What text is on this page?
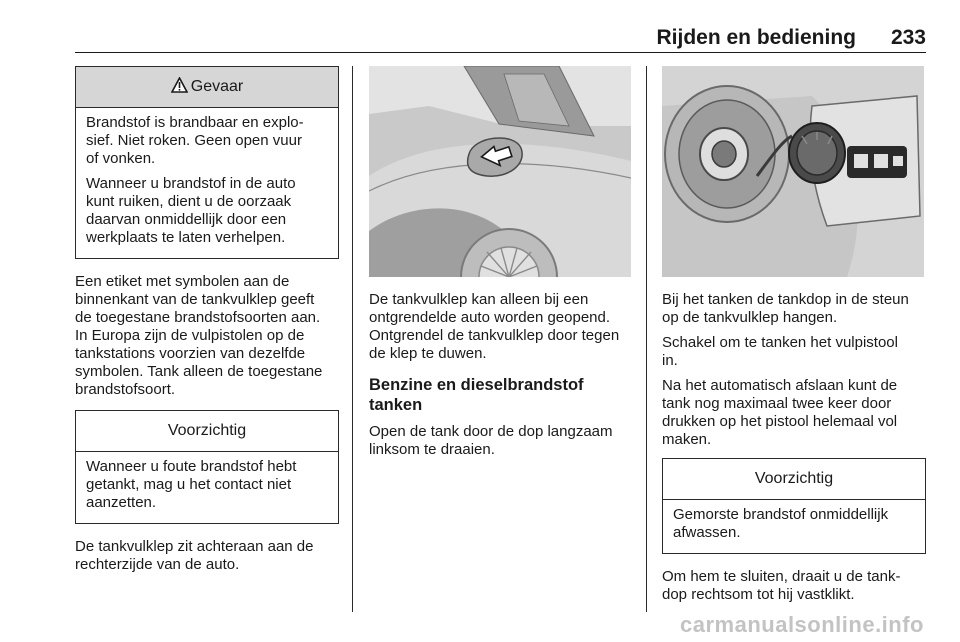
Rijden en bediening 233
Gevaar

Brandstof is brandbaar en explo-
sief. Niet roken. Geen open vuur
of vonken.

Wanneer u brandstof in de auto
kunt ruiken, dient u de oorzaak
daarvan onmiddellijk door een
werkplaats te laten verhelpen.

Een etiket met symbolen aan de
binnenkant van de tankvulklep geeft
de toegestane brandstofsoorten aan.
In Europa zijn de vulpistolen op de
tankstations voorzien van dezelfde
symbolen. Tank alleen de toegestane
brandstofsoort.

Voorzichtig

Wanneer u foute brandstof hebt
getankt, mag u het contact niet
aanzetten.

De tankvulklep zit achteraan aan de
rechterzijde van de auto.

De tankvulklep kan alleen bij een
ontgrendelde auto worden geopend.
Ontgrendel de tankvulklep door tegen
de klep te duwen.

Benzine en dieselbrandstof
tanken

Open de tank door de dop langzaam
linksom te draaien.

Bij het tanken de tankdop in de steun
op de tankvulklep hangen.

Schakel om te tanken het vulpistool
in.

Na het automatisch afslaan kunt de
tank nog maximaal twee keer door
drukken op het pistool helemaal vol
maken.

Voorzichtig

Gemorste brandstof onmiddellijk
afwassen.

Om hem te sluiten, draait u de tank-
dop rechtsom tot hij vastklikt.

carmanualsonline.info
